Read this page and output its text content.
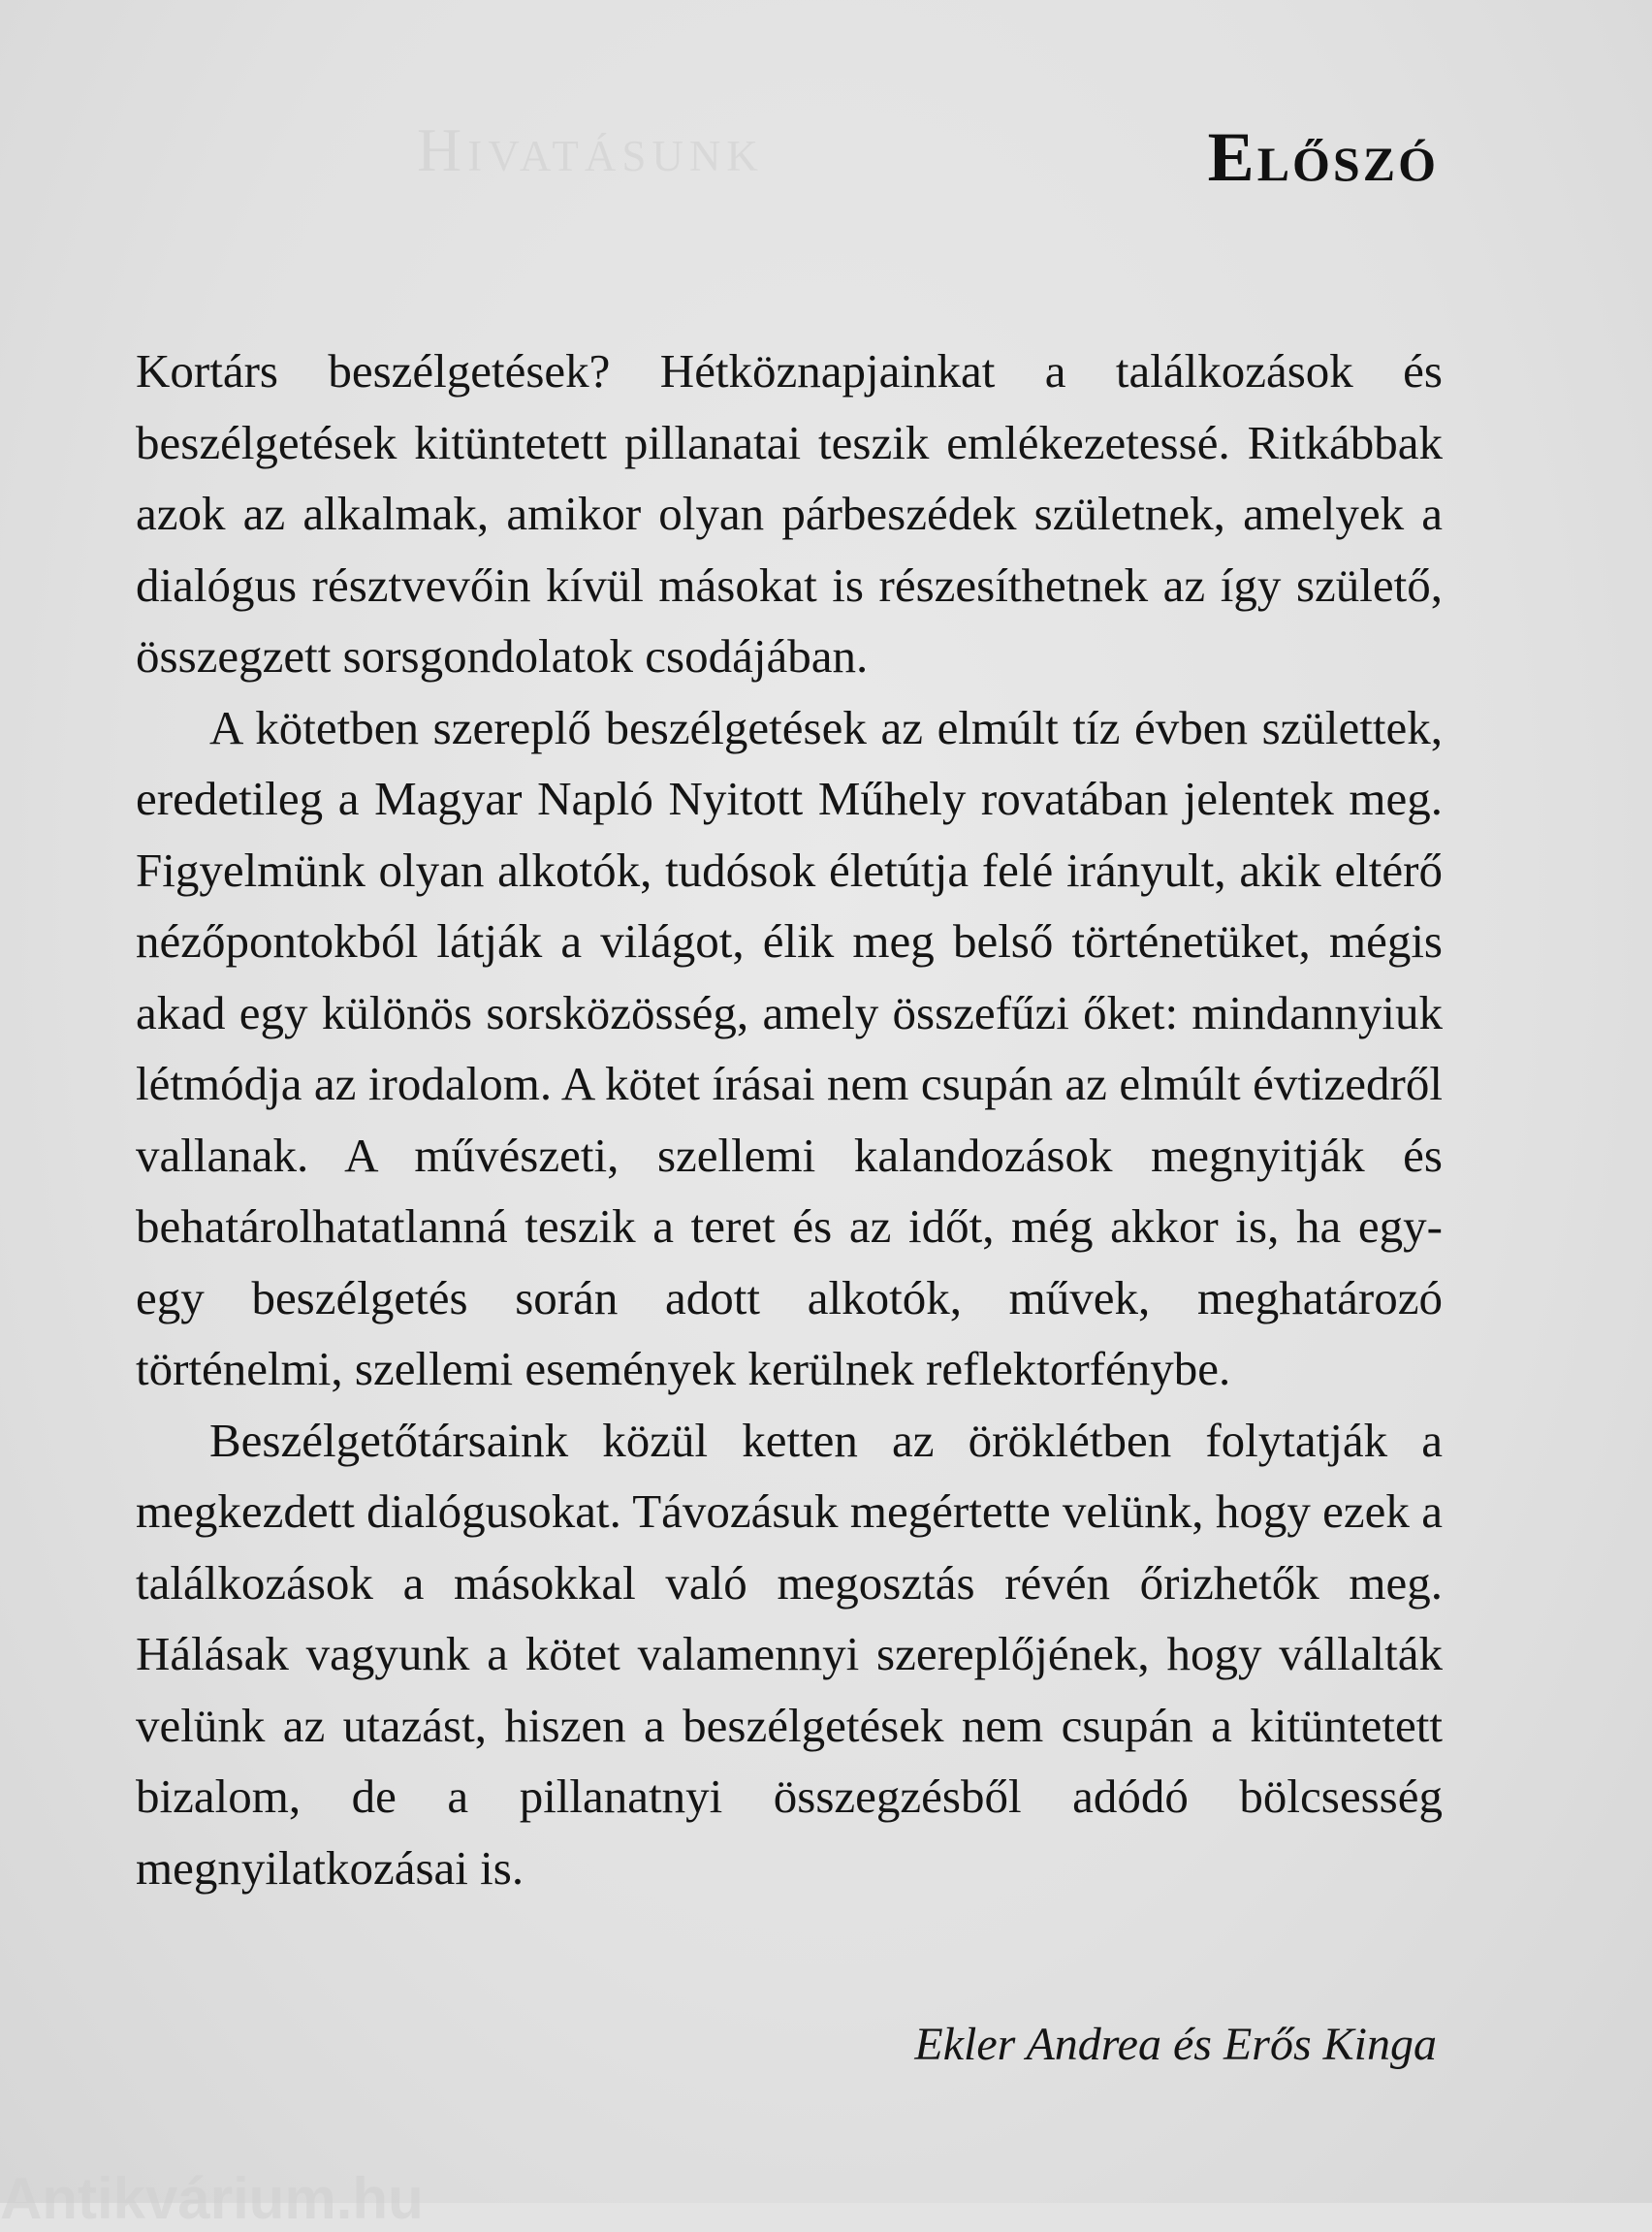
Hivatásunk	Előszó

Kortárs beszélgetések? Hétköznapjainkat a találkozások és beszélgetések kitüntetett pillanatai teszik emlékezetessé. Ritkábbak azok az alkalmak, amikor olyan párbeszédek születnek, amelyek a dialógus résztvevőin kívül másokat is részesíthetnek az így születő, összegzett sorsgondolatok csodájában.

A kötetben szereplő beszélgetések az elmúlt tíz évben születtek, eredetileg a Magyar Napló Nyitott Műhely rovatában jelentek meg. Figyelmünk olyan alkotók, tudósok életútja felé irányult, akik eltérő nézőpontokból látják a világot, élik meg belső történetüket, mégis akad egy különös sorsközösség, amely összefűzi őket: mindannyiuk létmódja az irodalom. A kötet írásai nem csupán az elmúlt évtizedről vallanak. A művészeti, szellemi kalandozások megnyitják és behatárolhatatlanná teszik a teret és az időt, még akkor is, ha egy-egy beszélgetés során adott alkotók, művek, meghatározó történelmi, szellemi események kerülnek reflektorfénybe.

Beszélgetőtársaink közül ketten az öröklétben folytatják a megkezdett dialógusokat. Távozásuk megértette velünk, hogy ezek a találkozások a másokkal való megosztás révén őrizhetők meg. Hálásak vagyunk a kötet valamennyi szereplőjének, hogy vállalták velünk az utazást, hiszen a beszélgetések nem csupán a kitüntetett bizalom, de a pillanatnyi összegzésből adódó bölcsesség megnyilatkozásai is.

Ekler Andrea és Erős Kinga
Antikvárium.hu
